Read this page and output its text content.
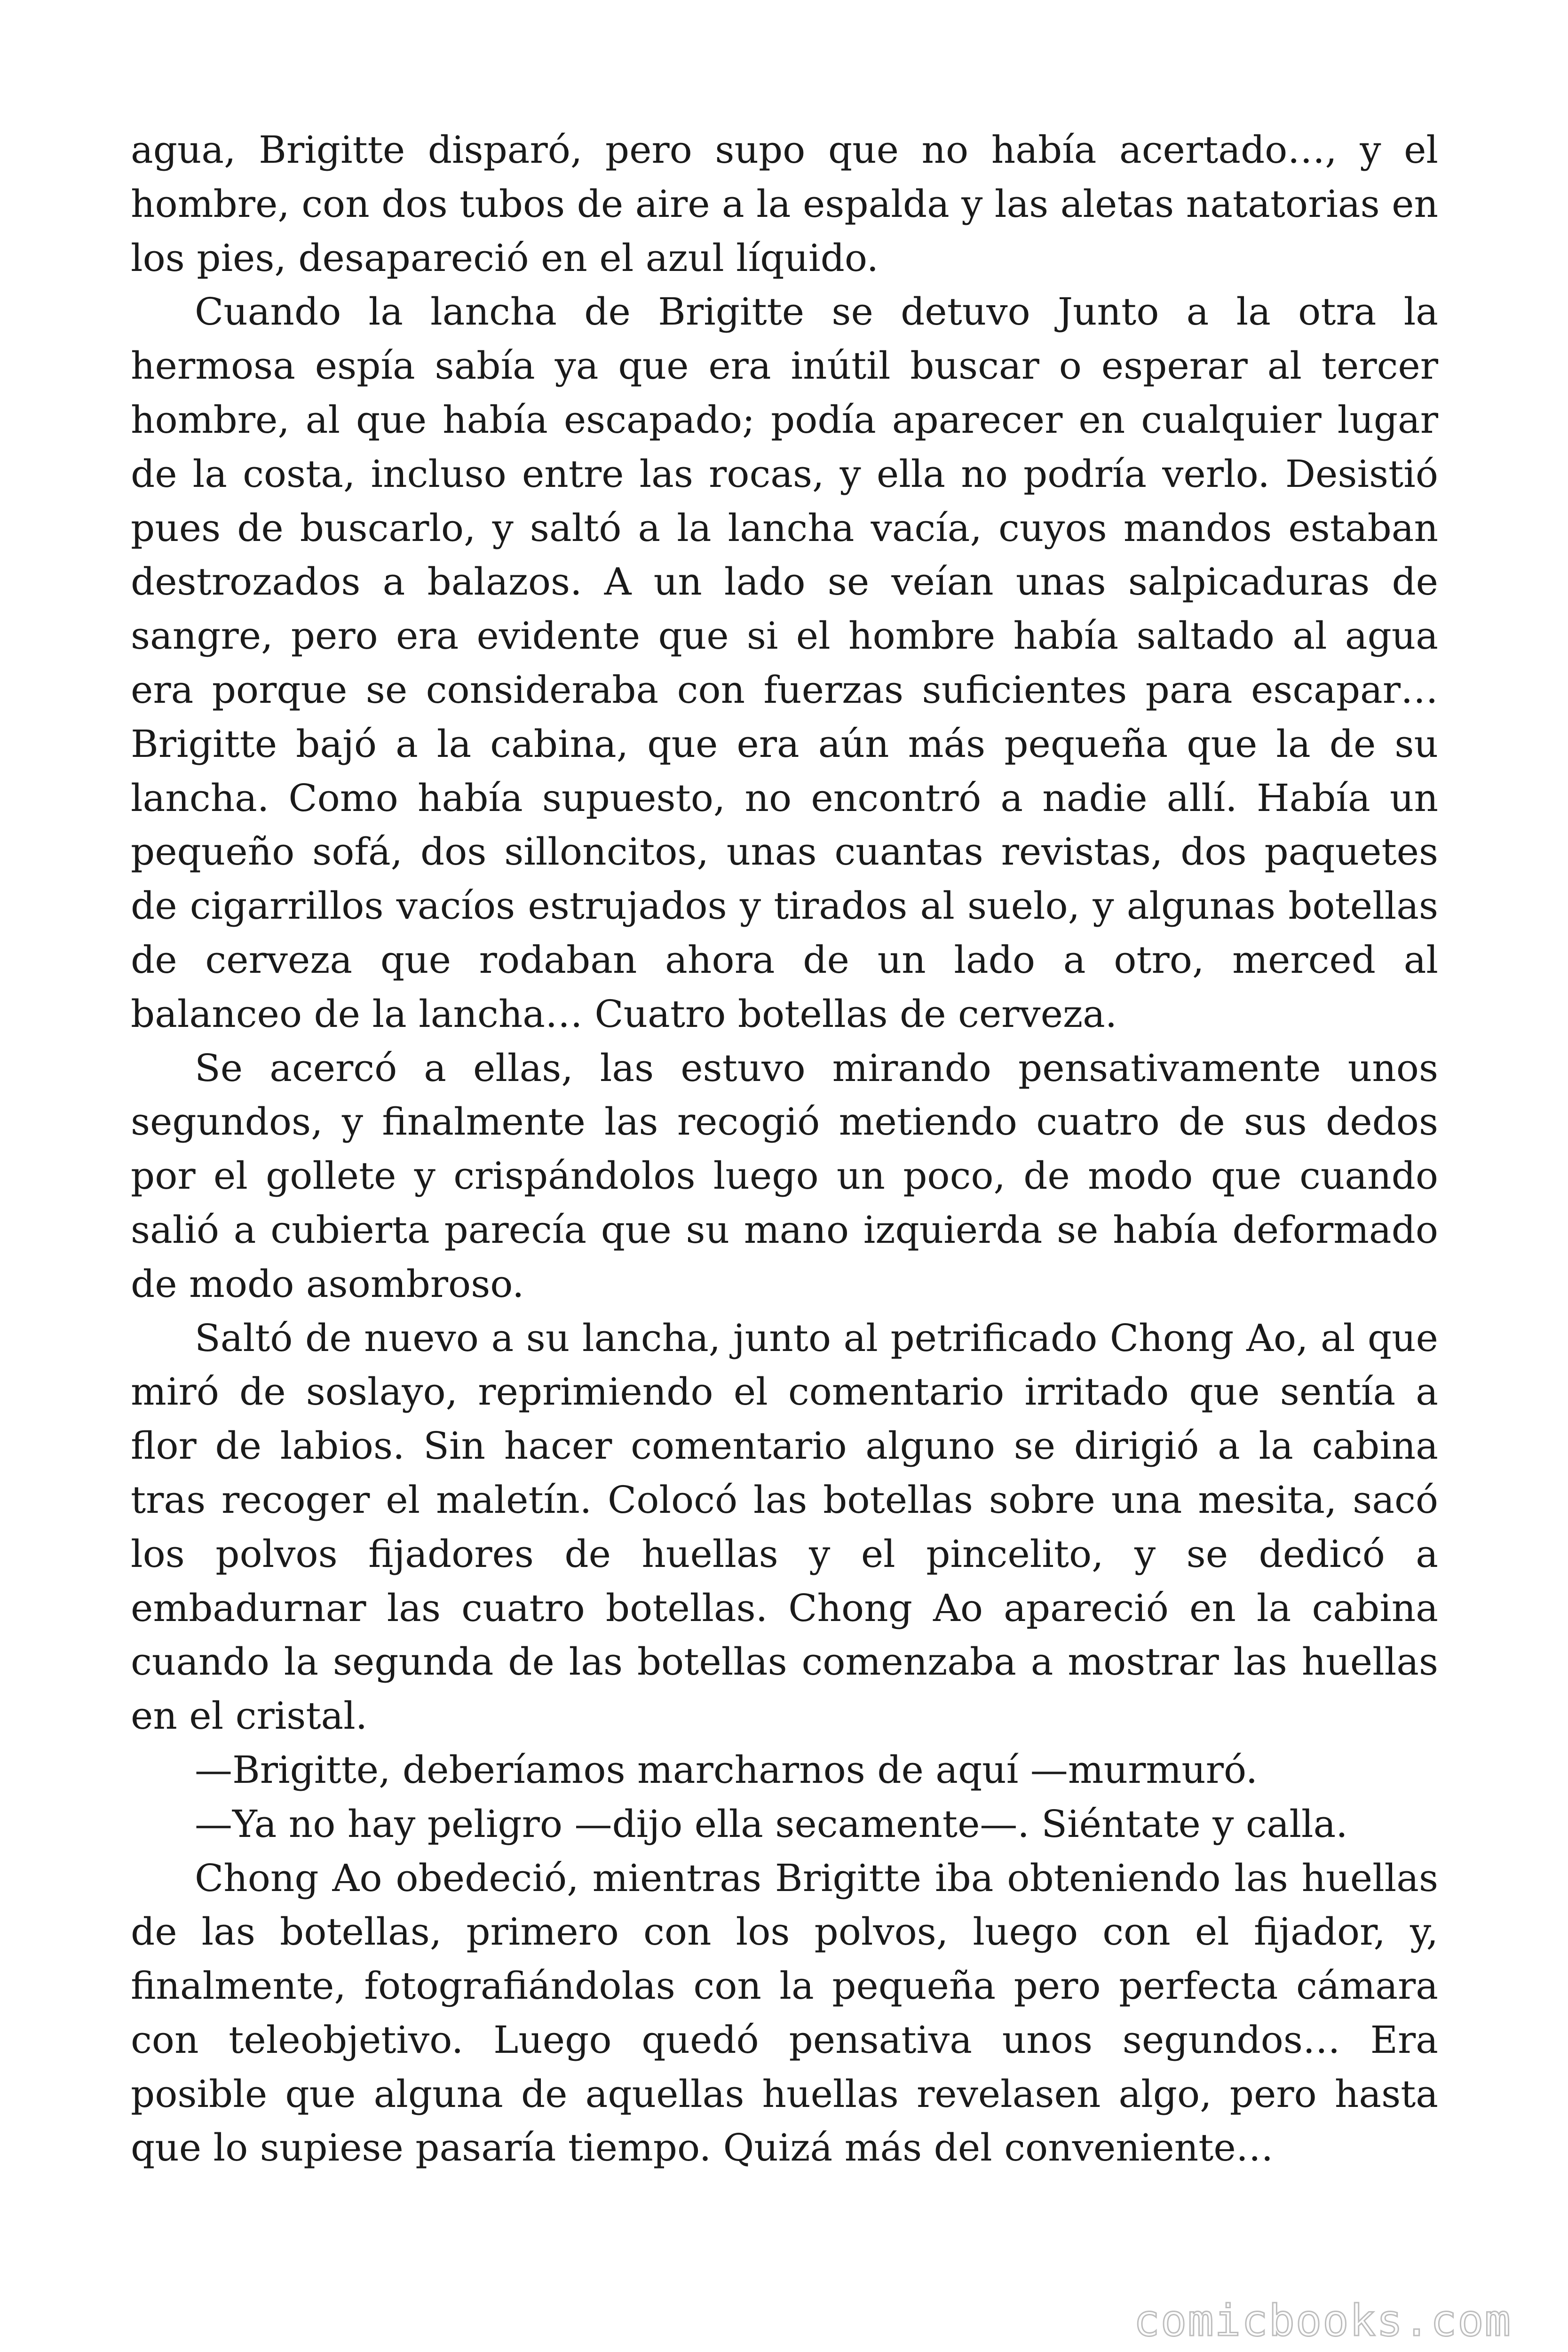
agua, Brigitte disparó, pero supo que no había acertado…, y el hombre, con dos tubos de aire a la espalda y las aletas natatorias en los pies, desapareció en el azul líquido.

Cuando la lancha de Brigitte se detuvo Junto a la otra la hermosa espía sabía ya que era inútil buscar o esperar al tercer hombre, al que había escapado; podía aparecer en cualquier lugar de la costa, incluso entre las rocas, y ella no podría verlo. Desistió pues de buscarlo, y saltó a la lancha vacía, cuyos mandos estaban destrozados a balazos. A un lado se veían unas salpicaduras de sangre, pero era evidente que si el hombre había saltado al agua era porque se consideraba con fuerzas suficientes para escapar… Brigitte bajó a la cabina, que era aún más pequeña que la de su lancha. Como había supuesto, no encontró a nadie allí. Había un pequeño sofá, dos silloncitos, unas cuantas revistas, dos paquetes de cigarrillos vacíos estrujados y tirados al suelo, y algunas botellas de cerveza que rodaban ahora de un lado a otro, merced al balanceo de la lancha… Cuatro botellas de cerveza.

Se acercó a ellas, las estuvo mirando pensativamente unos segundos, y finalmente las recogió metiendo cuatro de sus dedos por el gollete y crispándolos luego un poco, de modo que cuando salió a cubierta parecía que su mano izquierda se había deformado de modo asombroso.

Saltó de nuevo a su lancha, junto al petrificado Chong Ao, al que miró de soslayo, reprimiendo el comentario irritado que sentía a flor de labios. Sin hacer comentario alguno se dirigió a la cabina tras recoger el maletín. Colocó las botellas sobre una mesita, sacó los polvos fijadores de huellas y el pincelito, y se dedicó a embadurnar las cuatro botellas. Chong Ao apareció en la cabina cuando la segunda de las botellas comenzaba a mostrar las huellas en el cristal.

—Brigitte, deberíamos marcharnos de aquí —murmuró.

—Ya no hay peligro —dijo ella secamente—. Siéntate y calla.

Chong Ao obedeció, mientras Brigitte iba obteniendo las huellas de las botellas, primero con los polvos, luego con el fijador, y, finalmente, fotografiándolas con la pequeña pero perfecta cámara con teleobjetivo. Luego quedó pensativa unos segundos… Era posible que alguna de aquellas huellas revelasen algo, pero hasta que lo supiese pasaría tiempo. Quizá más del conveniente…

comicbooks.com
